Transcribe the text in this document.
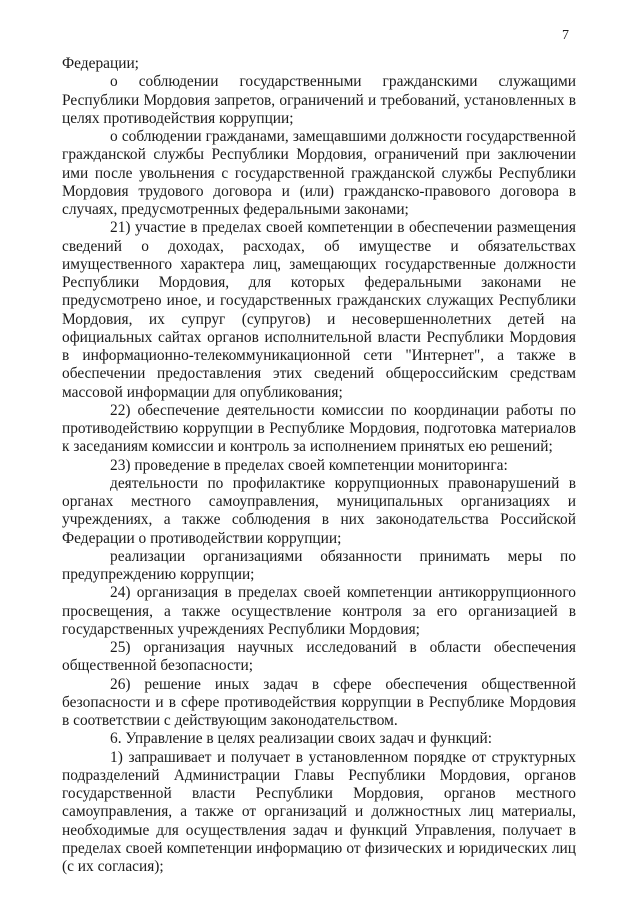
7

Федерации;

о соблюдении государственными гражданскими служащими Республики Мордовия запретов, ограничений и требований, установленных в целях противодействия коррупции;

о соблюдении гражданами, замещавшими должности государственной гражданской службы Республики Мордовия, ограничений при заключении ими после увольнения с государственной гражданской службы Республики Мордовия трудового договора и (или) гражданско-правового договора в случаях, предусмотренных федеральными законами;

21) участие в пределах своей компетенции в обеспечении размещения сведений о доходах, расходах, об имуществе и обязательствах имущественного характера лиц, замещающих государственные должности Республики Мордовия, для которых федеральными законами не предусмотрено иное, и государственных гражданских служащих Республики Мордовия, их супруг (супругов) и несовершеннолетних детей на официальных сайтах органов исполнительной власти Республики Мордовия в информационно-телекоммуникационной сети "Интернет", а также в обеспечении предоставления этих сведений общероссийским средствам массовой информации для опубликования;

22) обеспечение деятельности комиссии по координации работы по противодействию коррупции в Республике Мордовия, подготовка материалов к заседаниям комиссии и контроль за исполнением принятых ею решений;

23) проведение в пределах своей компетенции мониторинга:

деятельности по профилактике коррупционных правонарушений в органах местного самоуправления, муниципальных организациях и учреждениях, а также соблюдения в них законодательства Российской Федерации о противодействии коррупции;

реализации организациями обязанности принимать меры по предупреждению коррупции;

24) организация в пределах своей компетенции антикоррупционного просвещения, а также осуществление контроля за его организацией в государственных учреждениях Республики Мордовия;

25) организация научных исследований в области обеспечения общественной безопасности;

26) решение иных задач в сфере обеспечения общественной безопасности и в сфере противодействия коррупции в Республике Мордовия в соответствии с действующим законодательством.

6. Управление в целях реализации своих задач и функций:

1) запрашивает и получает в установленном порядке от структурных подразделений Администрации Главы Республики Мордовия, органов государственной власти Республики Мордовия, органов местного самоуправления, а также от организаций и должностных лиц материалы, необходимые для осуществления задач и функций Управления, получает в пределах своей компетенции информацию от физических и юридических лиц (с их согласия);
